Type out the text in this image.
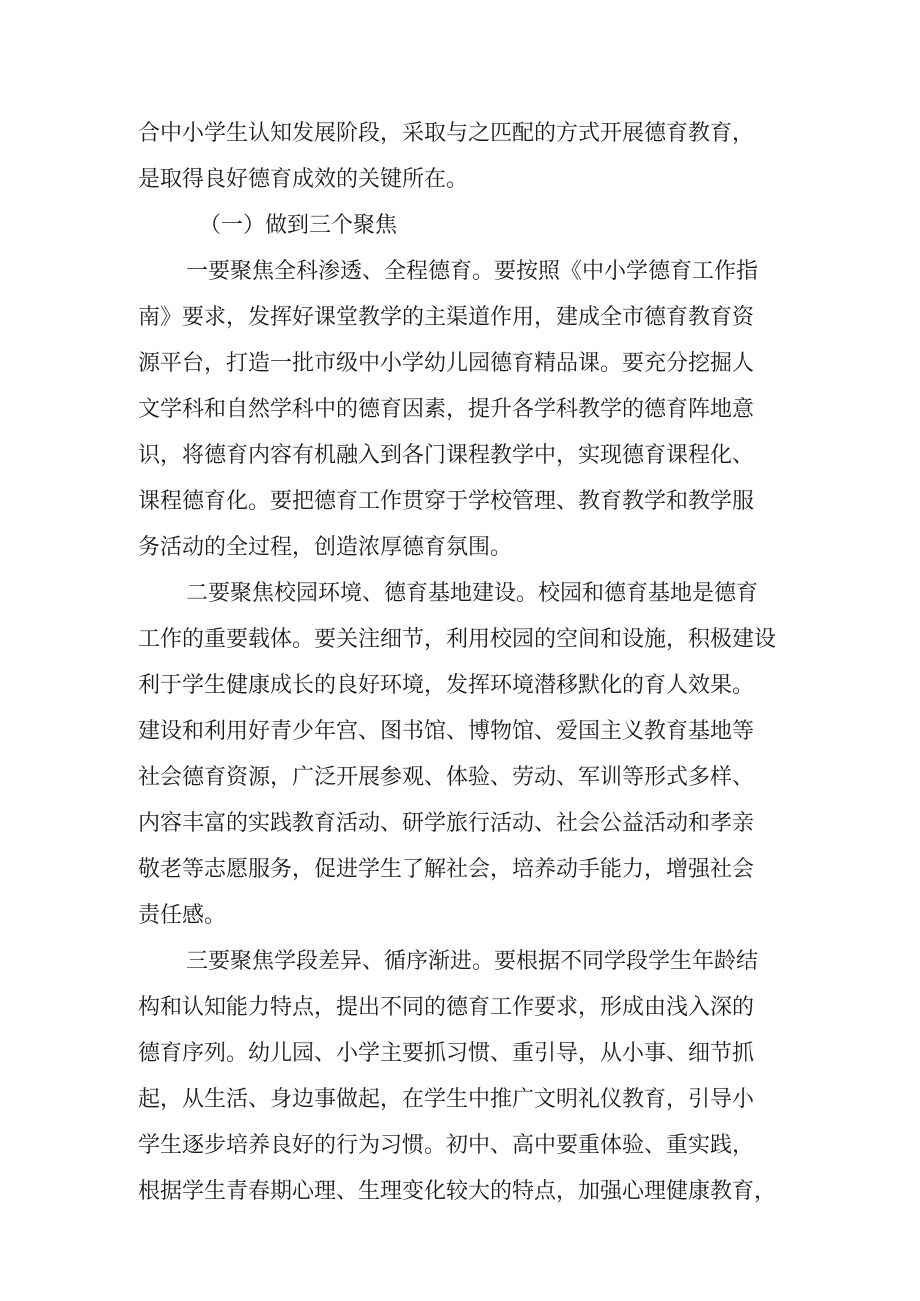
合中小学生认知发展阶段，采取与之匹配的方式开展德育教育，
是取得良好德育成效的关键所在。
（一）做到三个聚焦
一要聚焦全科渗透、全程德育。要按照《中小学德育工作指
南》要求，发挥好课堂教学的主渠道作用，建成全市德育教育资
源平台，打造一批市级中小学幼儿园德育精品课。要充分挖掘人
文学科和自然学科中的德育因素，提升各学科教学的德育阵地意
识，将德育内容有机融入到各门课程教学中，实现德育课程化、
课程德育化。要把德育工作贯穿于学校管理、教育教学和教学服
务活动的全过程，创造浓厚德育氛围。
二要聚焦校园环境、德育基地建设。校园和德育基地是德育
工作的重要载体。要关注细节，利用校园的空间和设施，积极建设
利于学生健康成长的良好环境，发挥环境潜移默化的育人效果。
建设和利用好青少年宫、图书馆、博物馆、爱国主义教育基地等
社会德育资源，广泛开展参观、体验、劳动、军训等形式多样、
内容丰富的实践教育活动、研学旅行活动、社会公益活动和孝亲
敬老等志愿服务，促进学生了解社会，培养动手能力，增强社会
责任感。
三要聚焦学段差异、循序渐进。要根据不同学段学生年龄结
构和认知能力特点，提出不同的德育工作要求，形成由浅入深的
德育序列。幼儿园、小学主要抓习惯、重引导，从小事、细节抓
起，从生活、身边事做起，在学生中推广文明礼仪教育，引导小
学生逐步培养良好的行为习惯。初中、高中要重体验、重实践，
根据学生青春期心理、生理变化较大的特点，加强心理健康教育，
